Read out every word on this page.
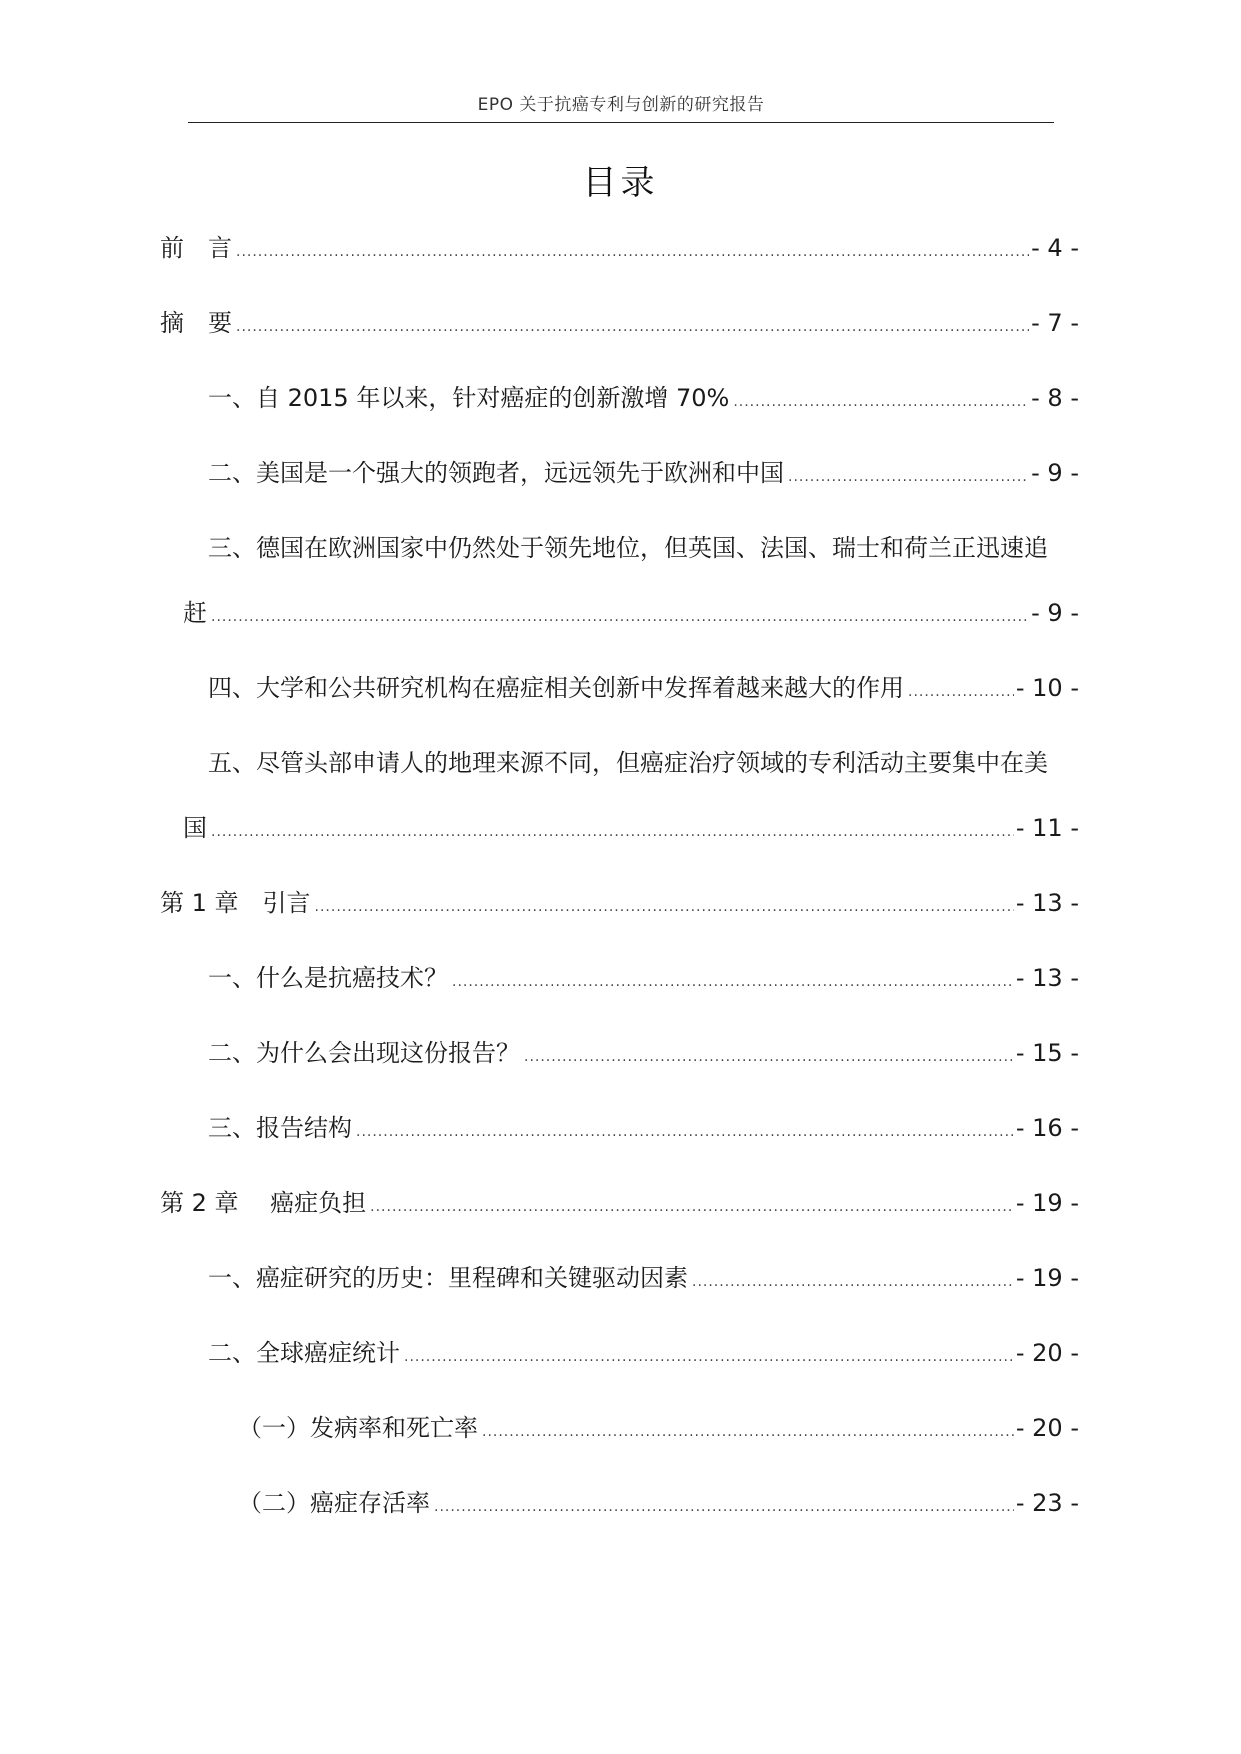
EPO 关于抗癌专利与创新的研究报告
目录
前　言 .....	- 4 -
摘　要 .....	- 7 -
一、自 2015 年以来，针对癌症的创新激增 70% .....	- 8 -
二、美国是一个强大的领跑者，远远领先于欧洲和中国 .....	- 9 -
三、德国在欧洲国家中仍然处于领先地位，但英国、法国、瑞士和荷兰正迅速追
赶 .....	- 9 -
四、大学和公共研究机构在癌症相关创新中发挥着越来越大的作用 .....	- 10 -
五、尽管头部申请人的地理来源不同，但癌症治疗领域的专利活动主要集中在美
国 .....	- 11 -
第 1 章　引言 .....	- 13 -
一、什么是抗癌技术？ .....	- 13 -
二、为什么会出现这份报告？ .....	- 15 -
三、报告结构 .....	- 16 -
第 2 章　 癌症负担 .....	- 19 -
一、癌症研究的历史：里程碑和关键驱动因素 .....	- 19 -
二、全球癌症统计 .....	- 20 -
（一）发病率和死亡率 .....	- 20 -
（二）癌症存活率 .....	- 23 -
